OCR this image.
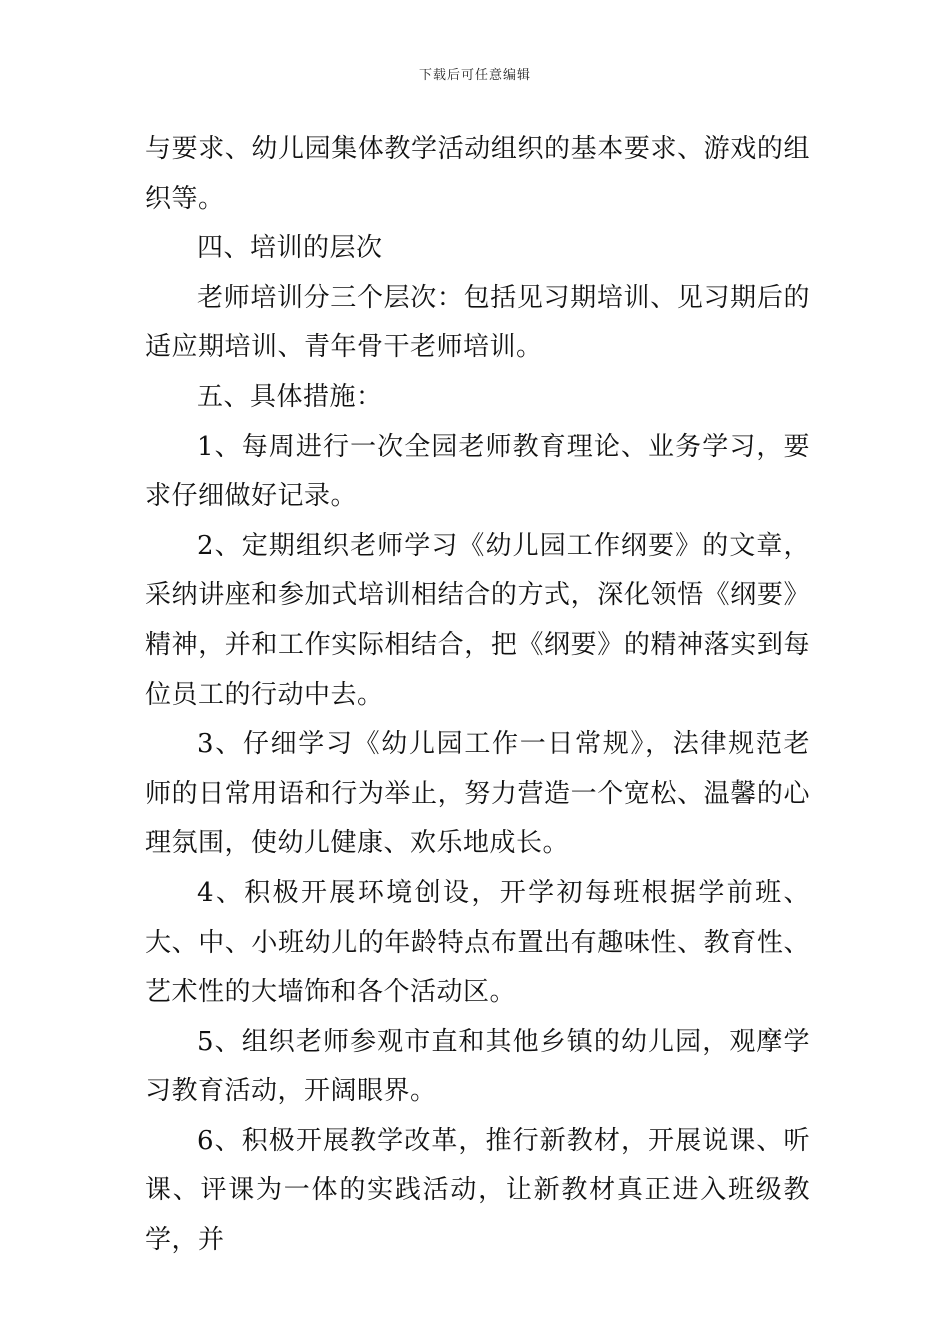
下载后可任意编辑

与要求、幼儿园集体教学活动组织的基本要求、游戏的组织等。

四、培训的层次

老师培训分三个层次：包括见习期培训、见习期后的适应期培训、青年骨干老师培训。

五、具体措施：

1、每周进行一次全园老师教育理论、业务学习，要求仔细做好记录。

2、定期组织老师学习《幼儿园工作纲要》的文章，采纳讲座和参加式培训相结合的方式，深化领悟《纲要》精神，并和工作实际相结合，把《纲要》的精神落实到每位员工的行动中去。

3、仔细学习《幼儿园工作一日常规》，法律规范老师的日常用语和行为举止，努力营造一个宽松、温馨的心理氛围，使幼儿健康、欢乐地成长。

4、积极开展环境创设，开学初每班根据学前班、大、中、小班幼儿的年龄特点布置出有趣味性、教育性、艺术性的大墙饰和各个活动区。

5、组织老师参观市直和其他乡镇的幼儿园，观摩学习教育活动，开阔眼界。

6、积极开展教学改革，推行新教材，开展说课、听课、评课为一体的实践活动，让新教材真正进入班级教学，并
